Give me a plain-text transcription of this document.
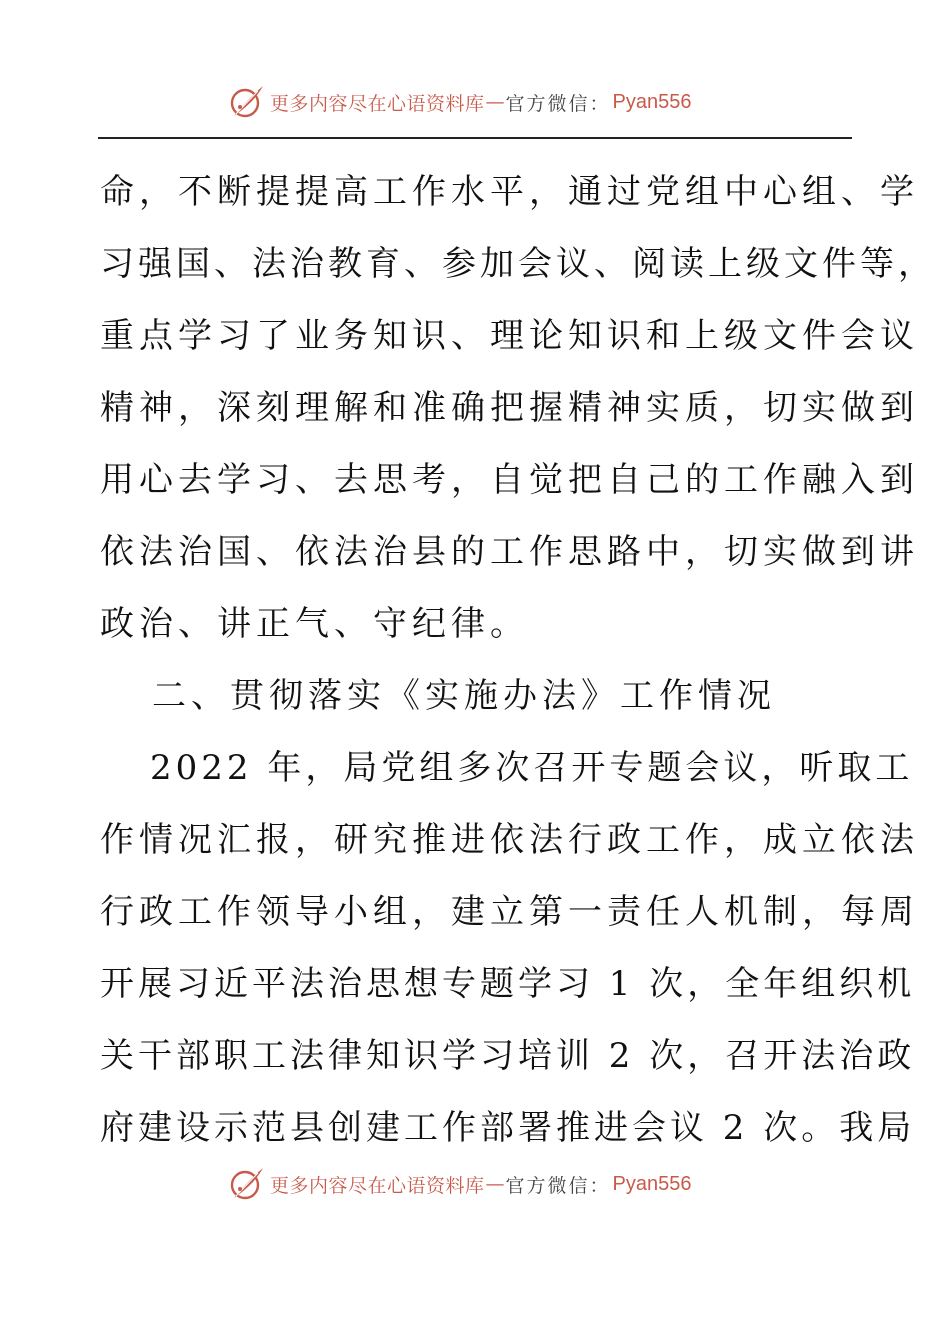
更多内容尽在心语资料库 — 官方微信： Pyan556
命，不断提提高工作水平，通过党组中心组、学
习强国、法治教育、参加会议、阅读上级文件等，
重点学习了业务知识、理论知识和上级文件会议
精神，深刻理解和准确把握精神实质，切实做到
用心去学习、去思考，自觉把自己的工作融入到
依法治国、依法治县的工作思路中，切实做到讲
政治、讲正气、守纪律。
二、贯彻落实《实施办法》工作情况
2022 年，局党组多次召开专题会议，听取工
作情况汇报，研究推进依法行政工作，成立依法
行政工作领导小组，建立第一责任人机制，每周
开展习近平法治思想专题学习 1 次，全年组织机
关干部职工法律知识学习培训 2 次，召开法治政
府建设示范县创建工作部署推进会议 2 次。我局
更多内容尽在心语资料库 — 官方微信： Pyan556
